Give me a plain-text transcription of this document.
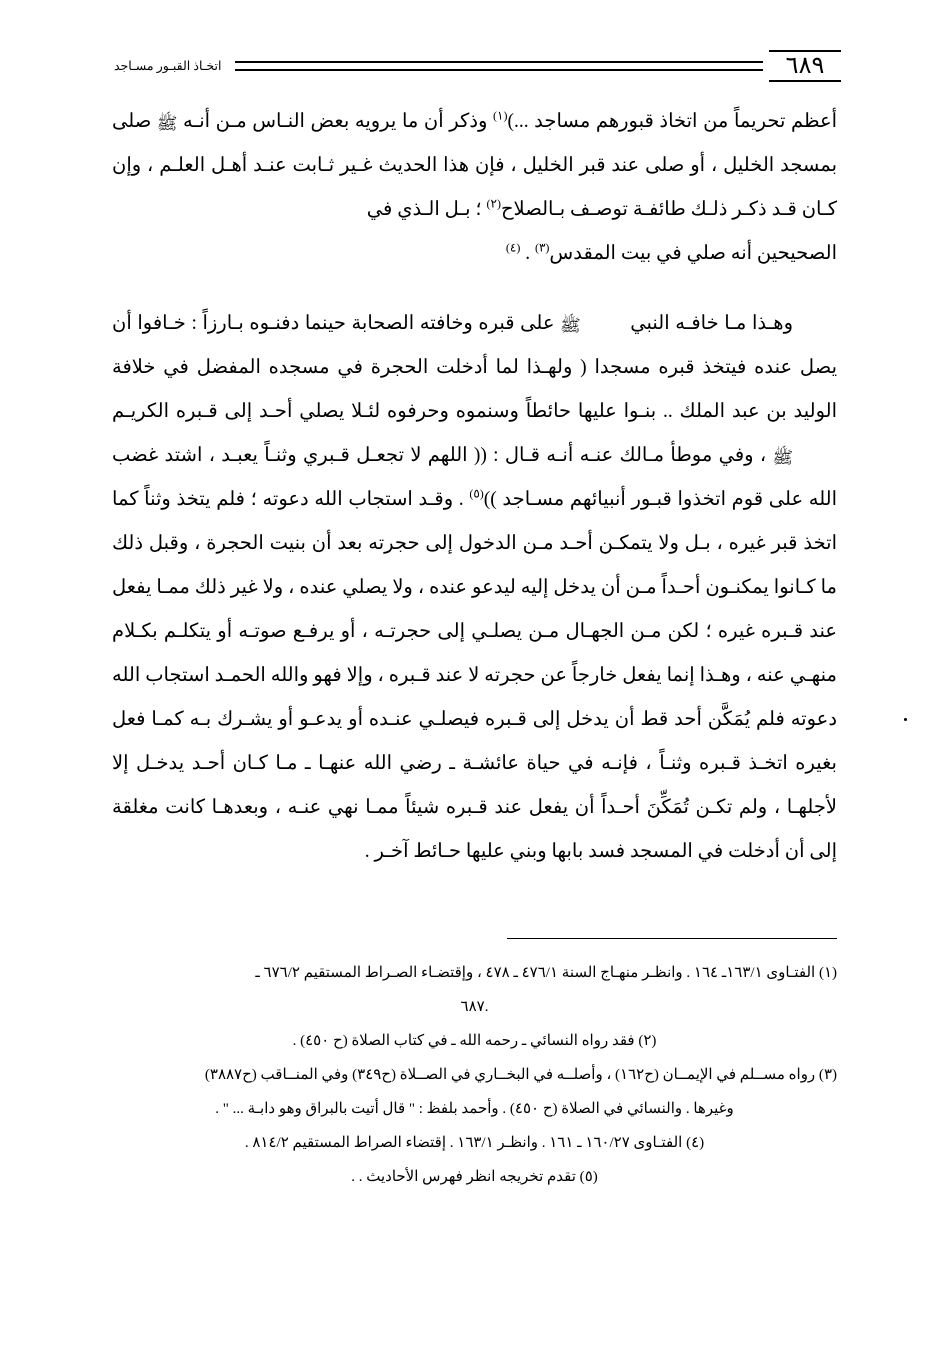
٦٨٩
اتخـاذ القبـور مسـاجد

أعظم تحريماً من اتخاذ قبورهم مساجد ...)$^{(١)}$ وذكر أن ما يرويه بعض النـاس مـن أنـه ﷺ صلى بمسجد الخليل ، أو صلى عند قبر الخليل ، فإن هذا الحديث غـير ثـابت عنـد أهـل العلـم ، وإن كـان قـد ذكـر ذلـك طائفـة توصـف بـالصلاح$^{(٢)}$ ؛ بـل الـذي في

الصحيحين أنه صلي في بيت المقدس$^{(٣)}$ . $^{(٤)}$

وهـذا مـا خافـه النبي ﷺ على قبره وخافته الصحابة حينما دفنـوه بـارزاً : خـافوا أن يصل عنده فيتخذ قبره مسجدا ( ولهـذا لما أدخلت الحجرة في مسجده المفضل في خلافة الوليد بن عبد الملك .. بنـوا عليها حائطاً وسنموه وحرفوه لئـلا يصلي أحـد إلى قـبره الكريـم ﷺ ، وفي موطأ مـالك عنـه أنـه قـال : (( اللهم لا تجعـل قـبري وثنـاً يعبـد ، اشتد غضب الله على قوم اتخذوا قبـور أنبيائهم مسـاجد ))$^{(٥)}$ . وقـد استجاب الله دعوته ؛ فلم يتخذ وثناً كما اتخذ قبر غيره ، بـل ولا يتمكـن أحـد مـن الدخول إلى حجرته بعد أن بنيت الحجرة ، وقبل ذلك ما كـانوا يمكنـون أحـداً مـن أن يدخل إليه ليدعو عنده ، ولا يصلي عنده ، ولا غير ذلك ممـا يفعل عند قـبره غيره ؛ لكن مـن الجهـال مـن يصلـي إلى حجرتـه ، أو يرفـع صوتـه أو يتكلـم بكـلام منهـي عنه ، وهـذا إنما يفعل خارجاً عن حجرته لا عند قـبره ، وإلا فهو والله الحمـد استجاب الله دعوته فلم يُمَكَّن أحد قط أن يدخل إلى قـبره فيصلـي عنـده أو يدعـو أو يشـرك بـه كمـا فعل بغيره اتخـذ قـبره وثنـاً ، فإنـه في حياة عائشـة ـ رضي الله عنهـا ـ مـا كـان أحـد يدخـل إلا لأجلهـا ، ولم تكـن تُمَكِّنَ أحـداً أن يفعل عند قـبره شيئاً ممـا نهي عنـه ، وبعدهـا كانت مغلقة إلى أن أدخلت في المسجد فسد بابها وبني عليها حـائط آخـر .

(١) الفتـاوى ١٦٣/١ـ ١٦٤ . وانظـر منهـاج السنة ٤٧٦/١ ـ ٤٧٨ ، وإقتضـاء الصـراط المستقيم ٦٧٦/٢ ـ

.٦٨٧

(٢) فقد رواه النسائي ـ رحمه الله ـ في كتاب الصلاة (ح ٤٥٠) .

(٣) رواه مســلم في الإيمــان (ح١٦٢) ، وأصلــه في البخــاري في الصــلاة (ح٣٤٩) وفي المنــاقب (ح٣٨٨٧)

وغيرها . والنسائي في الصلاة (ح ٤٥٠) . وأحمد بلفظ : " قال أتيت بالبراق وهو دابـة ... " .

(٤) الفتـاوى ١٦٠/٢٧ ـ ١٦١ . وانظـر ١٦٣/١ . إقتضاء الصراط المستقيم ٨١٤/٢ .

(٥) تقدم تخريجه انظر فهرس الأحاديث . .
